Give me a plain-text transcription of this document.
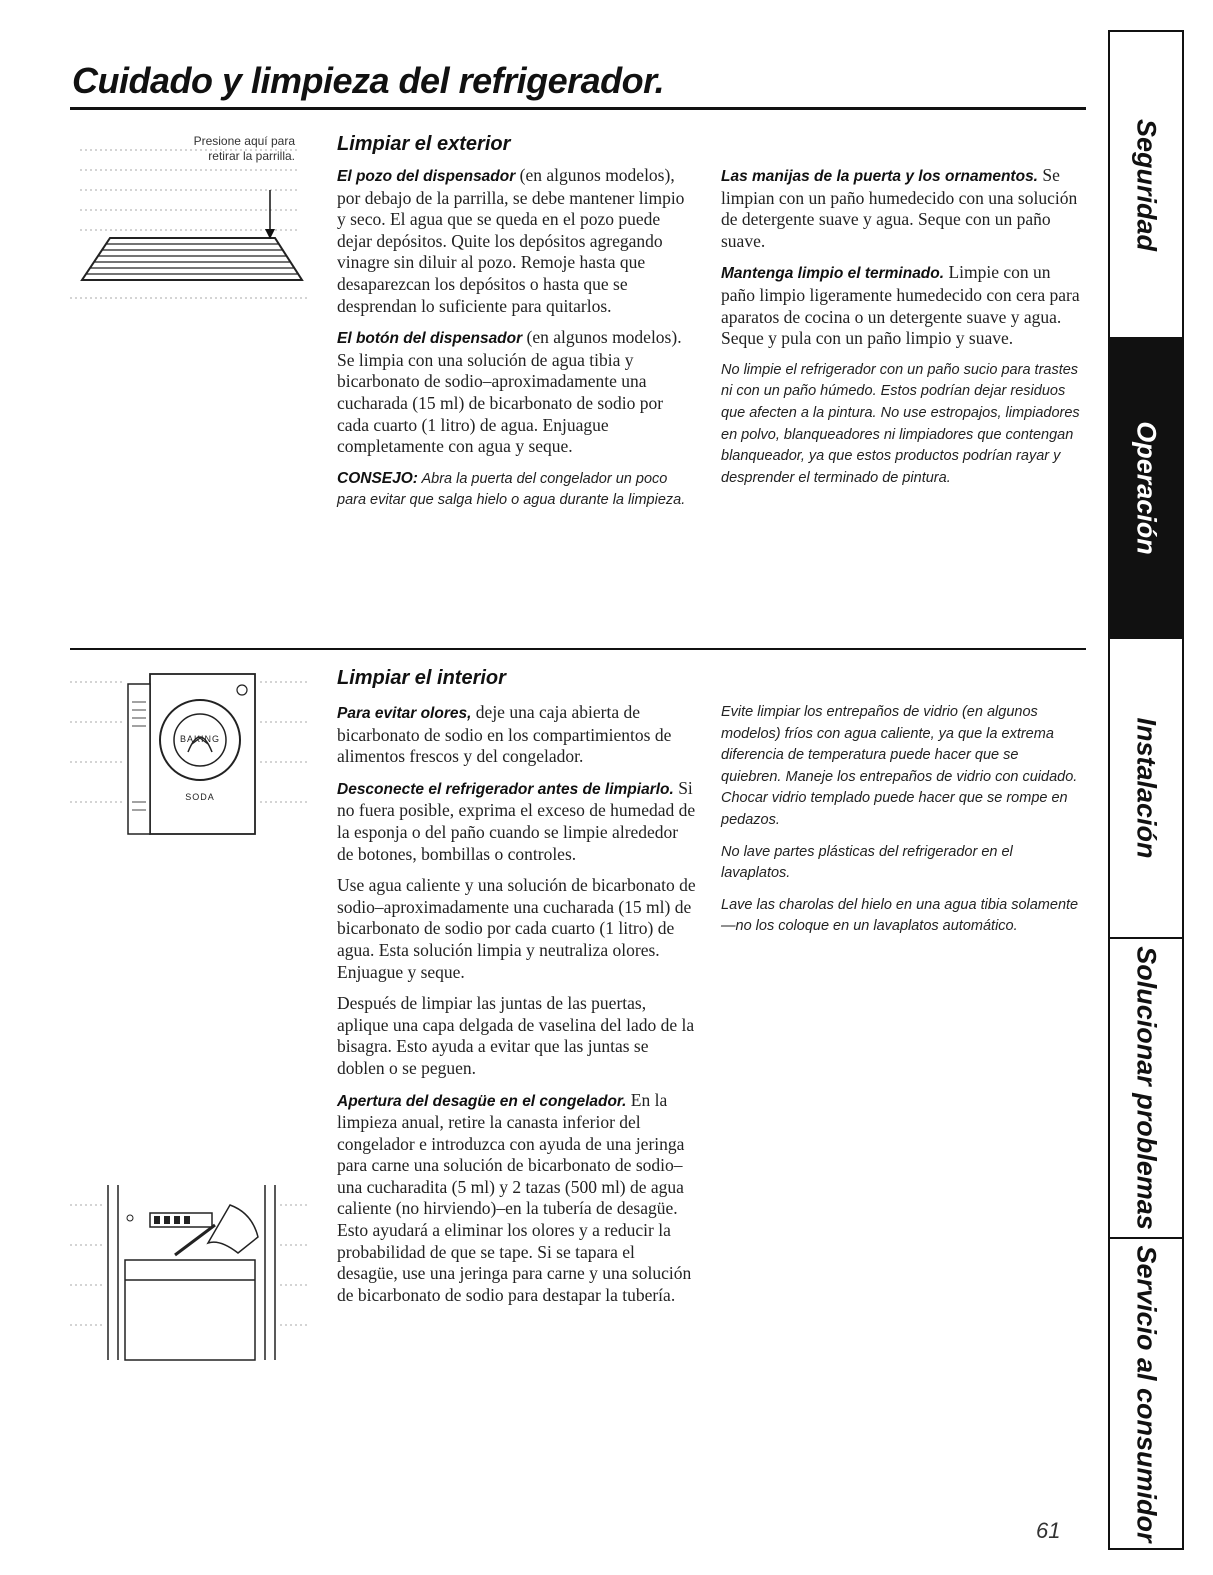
Cuidado y limpieza del refrigerador.
Presione aquí para retirar la parrilla.
Limpiar el exterior

El pozo del dispensador (en algunos modelos), por debajo de la parrilla, se debe mantener limpio y seco. El agua que se queda en el pozo puede dejar depósitos. Quite los depósitos agregando vinagre sin diluir al pozo. Remoje hasta que desaparezcan los depósitos o hasta que se desprendan lo suficiente para quitarlos.

El botón del dispensador (en algunos modelos). Se limpia con una solución de agua tibia y bicarbonato de sodio–aproximadamente una cucharada (15 ml) de bicarbonato de sodio por cada cuarto (1 litro) de agua. Enjuague completamente con agua y seque.

CONSEJO: Abra la puerta del congelador un poco para evitar que salga hielo o agua durante la limpieza.

Las manijas de la puerta y los ornamentos. Se limpian con un paño humedecido con una solución de detergente suave y agua. Seque con un paño suave.

Mantenga limpio el terminado. Limpie con un paño limpio ligeramente humedecido con cera para aparatos de cocina o un detergente suave y agua. Seque y pula con un paño limpio y suave.

No limpie el refrigerador con un paño sucio para trastes ni con un paño húmedo. Estos podrían dejar residuos que afecten a la pintura. No use estropajos, limpiadores en polvo, blanqueadores ni limpiadores que contengan blanqueador, ya que estos productos podrían rayar y desprender el terminado de pintura.

BAKING SODA
Limpiar el interior

Para evitar olores, deje una caja abierta de bicarbonato de sodio en los compartimientos de alimentos frescos y del congelador.

Desconecte el refrigerador antes de limpiarlo. Si no fuera posible, exprima el exceso de humedad de la esponja o del paño cuando se limpie alrededor de botones, bombillas o controles.

Use agua caliente y una solución de bicarbonato de sodio–aproximadamente una cucharada (15 ml) de bicarbonato de sodio por cada cuarto (1 litro) de agua. Esta solución limpia y neutraliza olores. Enjuague y seque.

Después de limpiar las juntas de las puertas, aplique una capa delgada de vaselina del lado de la bisagra. Esto ayuda a evitar que las juntas se doblen o se peguen.

Apertura del desagüe en el congelador. En la limpieza anual, retire la canasta inferior del congelador e introduzca con ayuda de una jeringa para carne una solución de bicarbonato de sodio–una cucharadita (5 ml) y 2 tazas (500 ml) de agua caliente (no hirviendo)–en la tubería de desagüe. Esto ayudará a eliminar los olores y a reducir la probabilidad de que se tape. Si se tapara el desagüe, use una jeringa para carne y una solución de bicarbonato de sodio para destapar la tubería.

Evite limpiar los entrepaños de vidrio (en algunos modelos) fríos con agua caliente, ya que la extrema diferencia de temperatura puede hacer que se quiebren. Maneje los entrepaños de vidrio con cuidado. Chocar vidrio templado puede hacer que se rompe en pedazos.

No lave partes plásticas del refrigerador en el lavaplatos.

Lave las charolas del hielo en una agua tibia solamente—no los coloque en un lavaplatos automático.

Seguridad
Operación
Instalación
Solucionar problemas
Servicio al consumidor
61
